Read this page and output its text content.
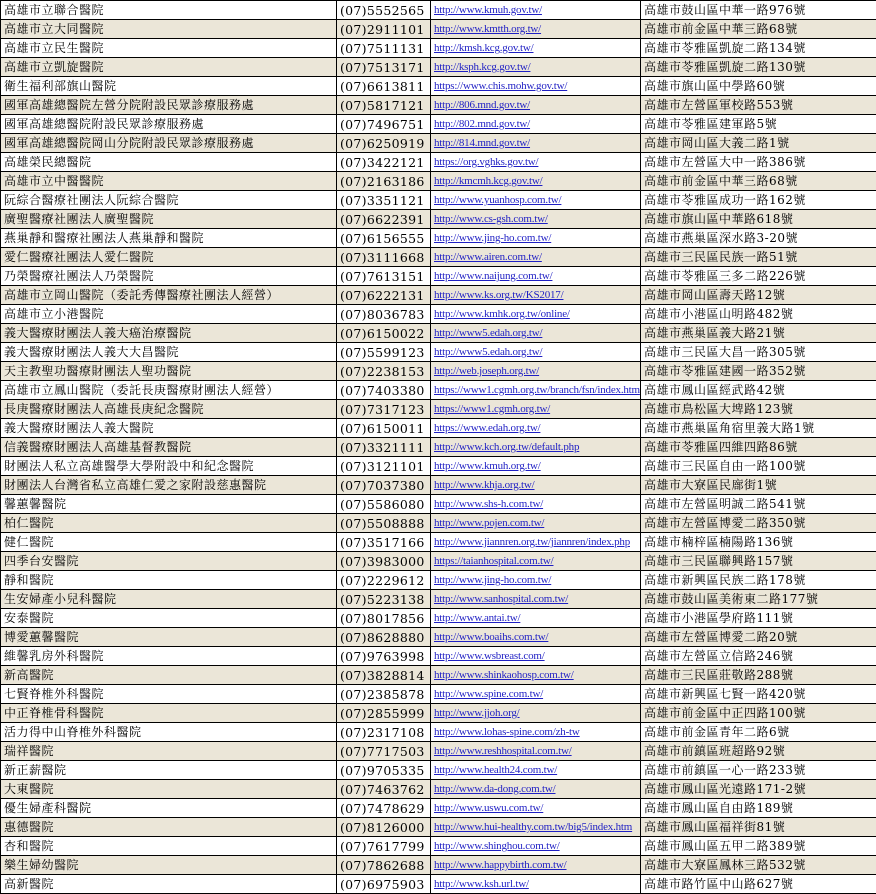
高雄市立聯合醫院	(07)5552565	http://www.kmuh.gov.tw/	高雄市鼓山區中華一路976號
高雄市立大同醫院	(07)2911101	http://www.kmtth.org.tw/	高雄市前金區中華三路68號
高雄市立民生醫院	(07)7511131	http://kmsh.kcg.gov.tw/	高雄市苓雅區凱旋二路134號
高雄市立凱旋醫院	(07)7513171	http://ksph.kcg.gov.tw/	高雄市苓雅區凱旋二路130號
衛生福利部旗山醫院	(07)6613811	https://www.chis.mohw.gov.tw/	高雄市旗山區中學路60號
國軍高雄總醫院左營分院附設民眾診療服務處	(07)5817121	http://806.mnd.gov.tw/	高雄市左營區軍校路553號
國軍高雄總醫院附設民眾診療服務處	(07)7496751	http://802.mnd.gov.tw/	高雄市苓雅區建軍路5號
國軍高雄總醫院岡山分院附設民眾診療服務處	(07)6250919	http://814.mnd.gov.tw/	高雄市岡山區大義二路1號
高雄榮民總醫院	(07)3422121	https://org.vghks.gov.tw/	高雄市左營區大中一路386號
高雄市立中醫醫院	(07)2163186	http://kmcmh.kcg.gov.tw/	高雄市前金區中華三路68號
阮綜合醫療社團法人阮綜合醫院	(07)3351121	http://www.yuanhosp.com.tw/	高雄市苓雅區成功一路162號
廣聖醫療社團法人廣聖醫院	(07)6622391	http://www.cs-gsh.com.tw/	高雄市旗山區中華路618號
燕巢靜和醫療社團法人燕巢靜和醫院	(07)6156555	http://www.jing-ho.com.tw/	高雄市燕巢區深水路3-20號
愛仁醫療社團法人愛仁醫院	(07)3111668	http://www.airen.com.tw/	高雄市三民區民族一路51號
乃榮醫療社團法人乃榮醫院	(07)7613151	http://www.naijung.com.tw/	高雄市苓雅區三多二路226號
高雄市立岡山醫院（委託秀傳醫療社團法人經營）	(07)6222131	http://www.ks.org.tw/KS2017/	高雄市岡山區壽天路12號
高雄市立小港醫院	(07)8036783	http://www.kmhk.org.tw/online/	高雄市小港區山明路482號
義大醫療財團法人義大癌治療醫院	(07)6150022	http://www5.edah.org.tw/	高雄市燕巢區義大路21號
義大醫療財團法人義大大昌醫院	(07)5599123	http://www5.edah.org.tw/	高雄市三民區大昌一路305號
天主教聖功醫療財團法人聖功醫院	(07)2238153	http://web.joseph.org.tw/	高雄市苓雅區建國一路352號
高雄市立鳳山醫院（委託長庚醫療財團法人經營）	(07)7403380	https://www1.cgmh.org.tw/branch/fsn/index.htm	高雄市鳳山區經武路42號
長庚醫療財團法人高雄長庚紀念醫院	(07)7317123	https://www1.cgmh.org.tw/	高雄市鳥松區大埤路123號
義大醫療財團法人義大醫院	(07)6150011	https://www.edah.org.tw/	高雄市燕巢區角宿里義大路1號
信義醫療財團法人高雄基督教醫院	(07)3321111	http://www.kch.org.tw/default.php	高雄市苓雅區四維四路86號
財團法人私立高雄醫學大學附設中和紀念醫院	(07)3121101	http://www.kmuh.org.tw/	高雄市三民區自由一路100號
財團法人台灣省私立高雄仁愛之家附設慈惠醫院	(07)7037380	http://www.khja.org.tw/	高雄市大寮區民廍街1號
馨蕙馨醫院	(07)5586080	http://www.shs-h.com.tw/	高雄市左營區明誠二路541號
柏仁醫院	(07)5508888	http://www.pojen.com.tw/	高雄市左營區博愛二路350號
健仁醫院	(07)3517166	http://www.jiannren.org.tw/jiannren/index.php	高雄市楠梓區楠陽路136號
四季台安醫院	(07)3983000	https://taianhospital.com.tw/	高雄市三民區聯興路157號
靜和醫院	(07)2229612	http://www.jing-ho.com.tw/	高雄市新興區民族二路178號
生安婦產小兒科醫院	(07)5223138	http://www.sanhospital.com.tw/	高雄市鼓山區美術東二路177號
安泰醫院	(07)8017856	http://www.antai.tw/	高雄市小港區學府路111號
博愛蕙馨醫院	(07)8628880	http://www.boaihs.com.tw/	高雄市左營區博愛二路20號
維馨乳房外科醫院	(07)9763998	http://www.wsbreast.com/	高雄市左營區立信路246號
新高醫院	(07)3828814	http://www.shinkaohosp.com.tw/	高雄市三民區莊敬路288號
七賢脊椎外科醫院	(07)2385878	http://www.spine.com.tw/	高雄市新興區七賢一路420號
中正脊椎骨科醫院	(07)2855999	http://www.jjoh.org/	高雄市前金區中正四路100號
活力得中山脊椎外科醫院	(07)2317108	http://www.lohas-spine.com/zh-tw	高雄市前金區青年二路6號
瑞祥醫院	(07)7717503	http://www.reshhospital.com.tw/	高雄市前鎮區班超路92號
新正薪醫院	(07)9705335	http://www.health24.com.tw/	高雄市前鎮區一心一路233號
大東醫院	(07)7463762	http://www.da-dong.com.tw/	高雄市鳳山區光遠路171-2號
優生婦產科醫院	(07)7478629	http://www.uswu.com.tw/	高雄市鳳山區自由路189號
惠德醫院	(07)8126000	http://www.hui-healthy.com.tw/big5/index.htm	高雄市鳳山區福祥街81號
杏和醫院	(07)7617799	http://www.shinghou.com.tw/	高雄市鳳山區五甲二路389號
樂生婦幼醫院	(07)7862688	http://www.happybirth.com.tw/	高雄市大寮區鳳林三路532號
高新醫院	(07)6975903	http://www.ksh.url.tw/	高雄市路竹區中山路627號
